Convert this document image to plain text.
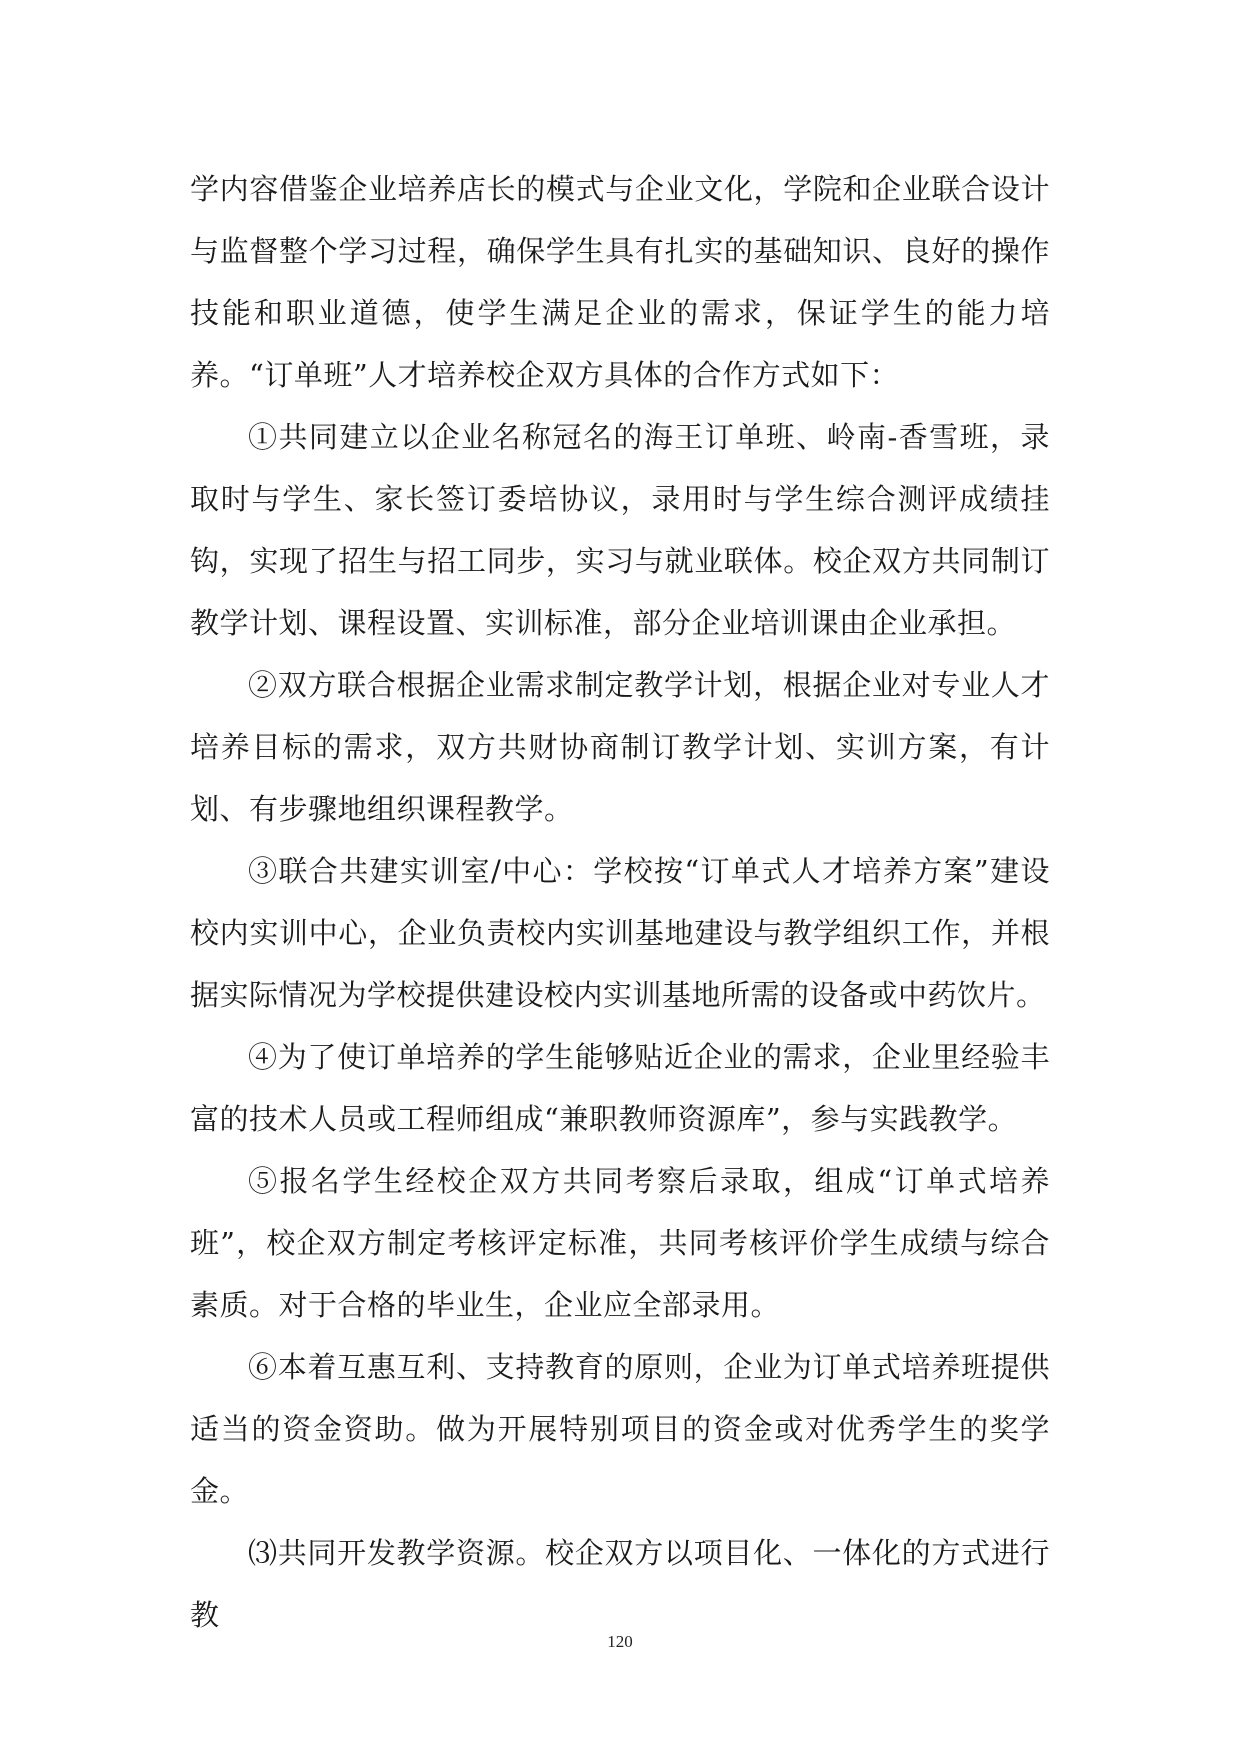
学内容借鉴企业培养店长的模式与企业文化，学院和企业联合设计与监督整个学习过程，确保学生具有扎实的基础知识、良好的操作技能和职业道德，使学生满足企业的需求，保证学生的能力培养。“订单班”人才培养校企双方具体的合作方式如下：

①共同建立以企业名称冠名的海王订单班、岭南-香雪班，录取时与学生、家长签订委培协议，录用时与学生综合测评成绩挂钩，实现了招生与招工同步，实习与就业联体。校企双方共同制订教学计划、课程设置、实训标准，部分企业培训课由企业承担。

②双方联合根据企业需求制定教学计划，根据企业对专业人才培养目标的需求，双方共财协商制订教学计划、实训方案，有计划、有步骤地组织课程教学。

③联合共建实训室/中心：学校按“订单式人才培养方案”建设校内实训中心，企业负责校内实训基地建设与教学组织工作，并根据实际情况为学校提供建设校内实训基地所需的设备或中药饮片。

④为了使订单培养的学生能够贴近企业的需求，企业里经验丰富的技术人员或工程师组成“兼职教师资源库”，参与实践教学。

⑤报名学生经校企双方共同考察后录取，组成“订单式培养班”，校企双方制定考核评定标准，共同考核评价学生成绩与综合素质。对于合格的毕业生，企业应全部录用。

⑥本着互惠互利、支持教育的原则，企业为订单式培养班提供适当的资金资助。做为开展特别项目的资金或对优秀学生的奖学金。

⑶共同开发教学资源。校企双方以项目化、一体化的方式进行教

120
